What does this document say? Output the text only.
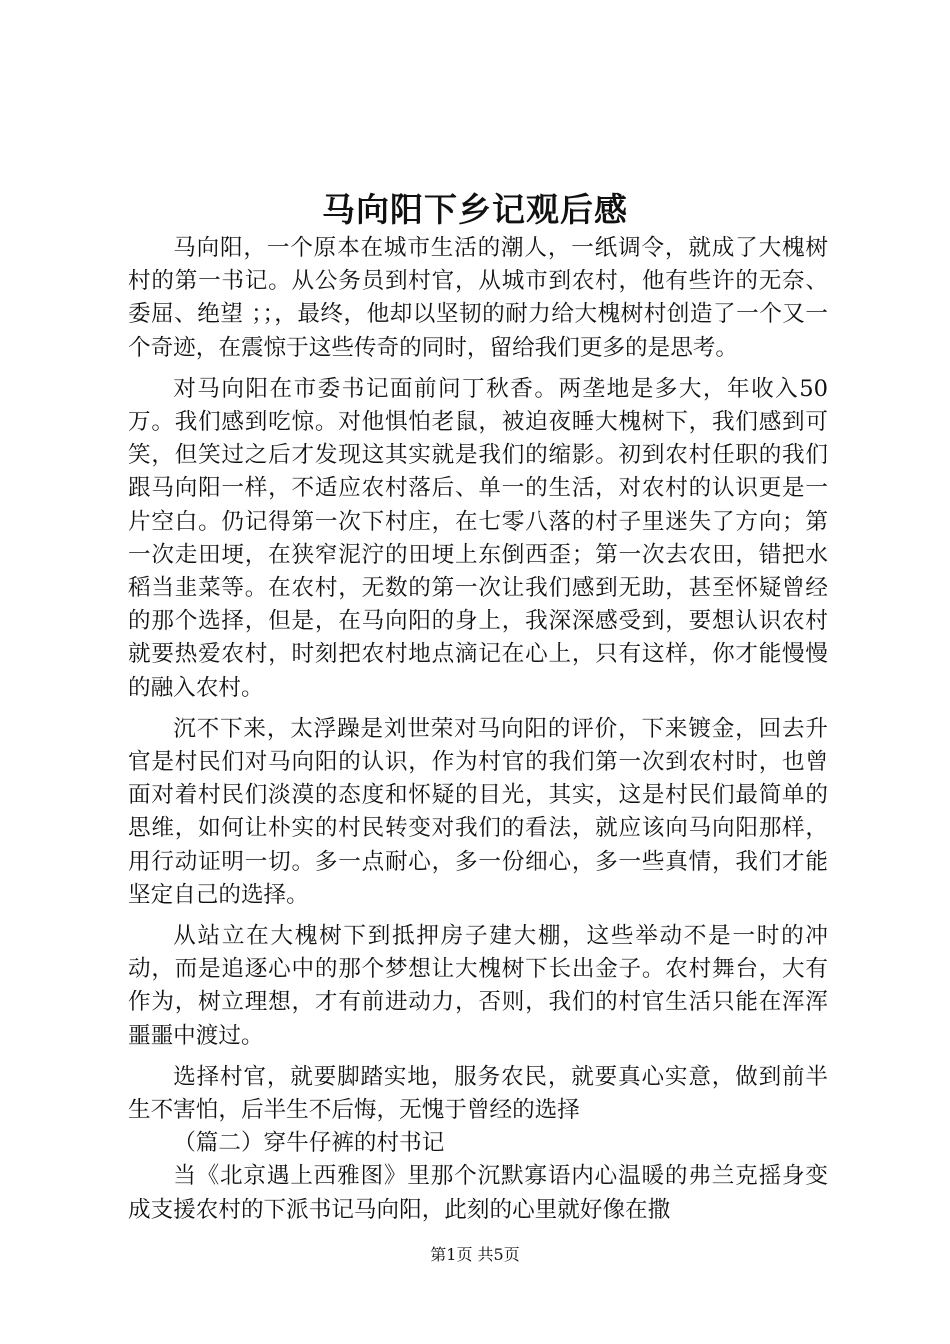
马向阳下乡记观后感

马向阳，一个原本在城市生活的潮人，一纸调令，就成了大槐树村的第一书记。从公务员到村官，从城市到农村，他有些许的无奈、委屈、绝望 ；；，最终，他却以坚韧的耐力给大槐树村创造了一个又一个奇迹，在震惊于这些传奇的同时，留给我们更多的是思考。

对马向阳在市委书记面前问丁秋香。两垄地是多大，年收入50万。我们感到吃惊。对他惧怕老鼠，被迫夜睡大槐树下，我们感到可笑，但笑过之后才发现这其实就是我们的缩影。初到农村任职的我们跟马向阳一样，不适应农村落后、单一的生活，对农村的认识更是一片空白。仍记得第一次下村庄，在七零八落的村子里迷失了方向；第一次走田埂，在狭窄泥泞的田埂上东倒西歪；第一次去农田，错把水稻当韭菜等。在农村，无数的第一次让我们感到无助，甚至怀疑曾经的那个选择，但是，在马向阳的身上，我深深感受到，要想认识农村就要热爱农村，时刻把农村地点滴记在心上，只有这样，你才能慢慢的融入农村。

沉不下来，太浮躁是刘世荣对马向阳的评价，下来镀金，回去升官是村民们对马向阳的认识，作为村官的我们第一次到农村时，也曾面对着村民们淡漠的态度和怀疑的目光，其实，这是村民们最简单的思维，如何让朴实的村民转变对我们的看法，就应该向马向阳那样，用行动证明一切。多一点耐心，多一份细心，多一些真情，我们才能坚定自己的选择。

从站立在大槐树下到抵押房子建大棚，这些举动不是一时的冲动，而是追逐心中的那个梦想让大槐树下长出金子。农村舞台，大有作为，树立理想，才有前进动力，否则，我们的村官生活只能在浑浑噩噩中渡过。

选择村官，就要脚踏实地，服务农民，就要真心实意，做到前半生不害怕，后半生不后悔，无愧于曾经的选择

（篇二）穿牛仔裤的村书记

当《北京遇上西雅图》里那个沉默寡语内心温暖的弗兰克摇身变成支援农村的下派书记马向阳，此刻的心里就好像在撒

第1页 共5页
